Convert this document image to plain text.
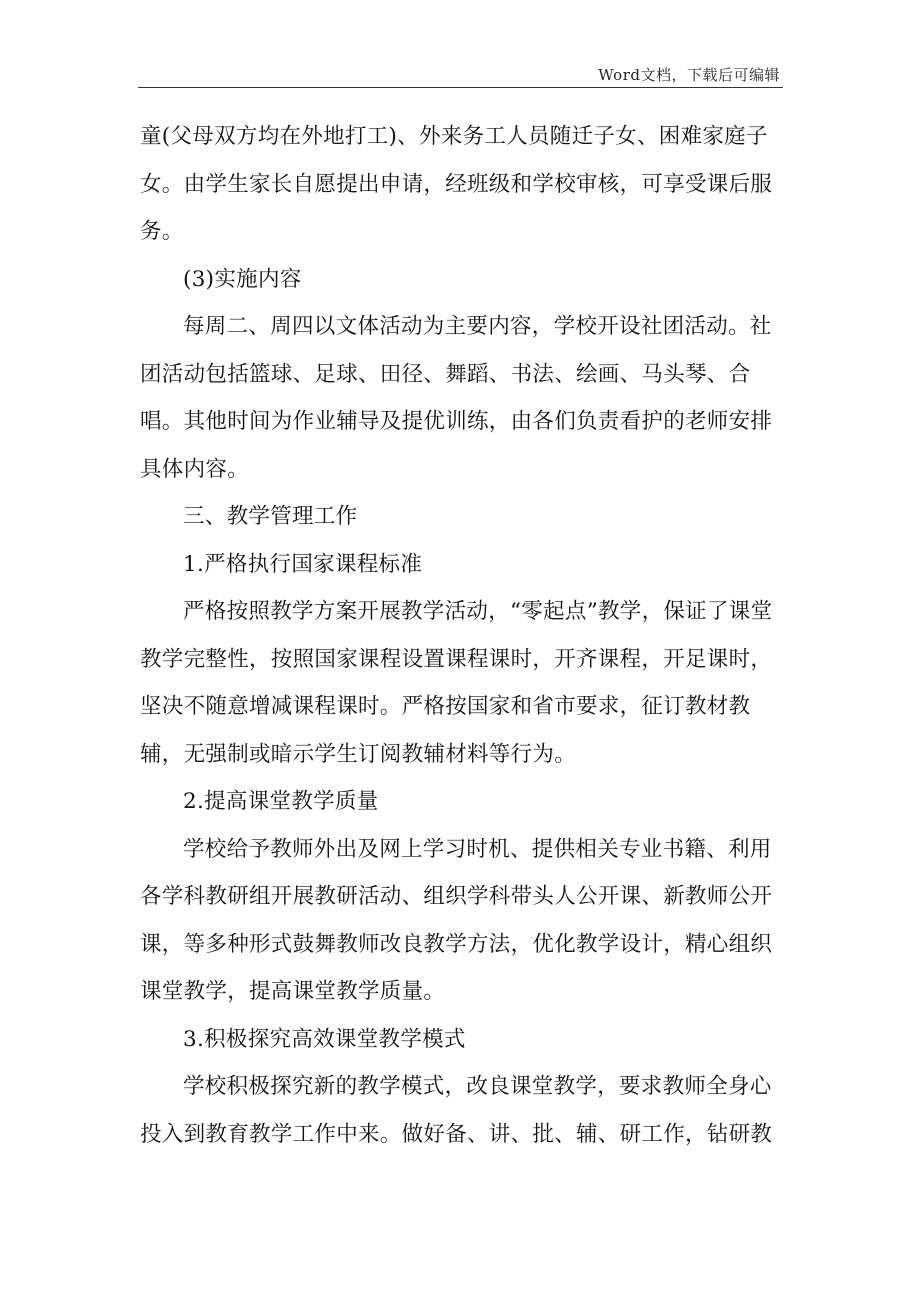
Word文档，下载后可编辑
童(父母双方均在外地打工)、外来务工人员随迁子女、困难家庭子
女。由学生家长自愿提出申请，经班级和学校审核，可享受课后服
务。
(3)实施内容
每周二、周四以文体活动为主要内容，学校开设社团活动。社
团活动包括篮球、足球、田径、舞蹈、书法、绘画、马头琴、合
唱。其他时间为作业辅导及提优训练，由各们负责看护的老师安排
具体内容。
三、教学管理工作
1.严格执行国家课程标准
严格按照教学方案开展教学活动，“零起点”教学，保证了课堂
教学完整性，按照国家课程设置课程课时，开齐课程，开足课时，
坚决不随意增减课程课时。严格按国家和省市要求，征订教材教
辅，无强制或暗示学生订阅教辅材料等行为。
2.提高课堂教学质量
学校给予教师外出及网上学习时机、提供相关专业书籍、利用
各学科教研组开展教研活动、组织学科带头人公开课、新教师公开
课，等多种形式鼓舞教师改良教学方法，优化教学设计，精心组织
课堂教学，提高课堂教学质量。
3.积极探究高效课堂教学模式
学校积极探究新的教学模式，改良课堂教学，要求教师全身心
投入到教育教学工作中来。做好备、讲、批、辅、研工作，钻研教
